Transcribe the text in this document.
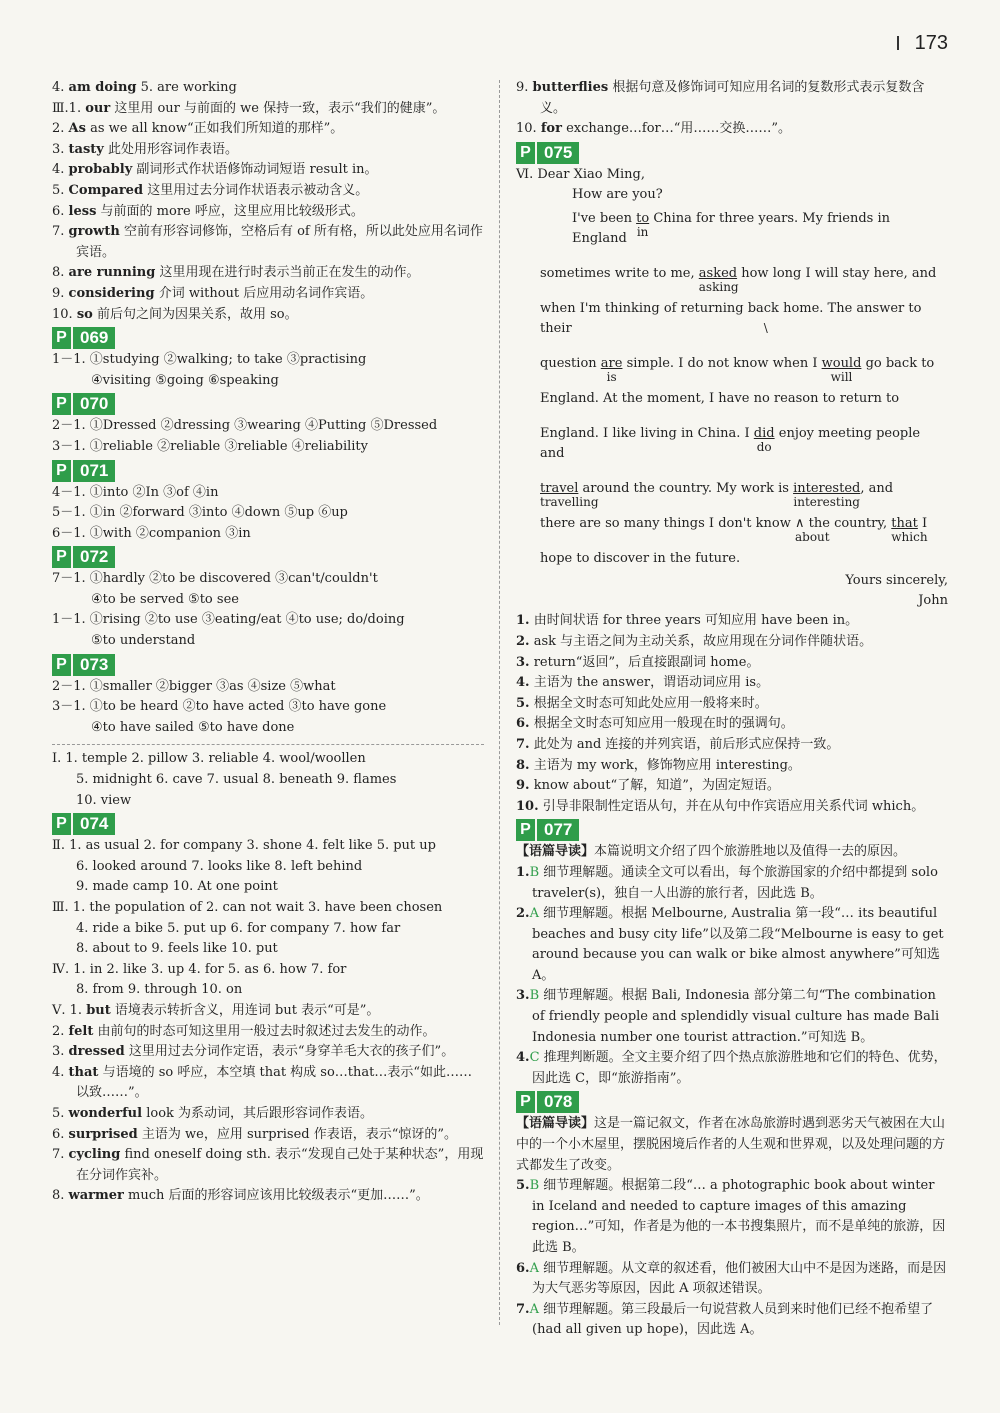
173
4. am doing 5. are working
Ⅲ.1. our 这里用 our 与前面的 we 保持一致，表示“我们的健康”。
2. As as we all know“正如我们所知道的那样”。
3. tasty 此处用形容词作表语。
4. probably 副词形式作状语修饰动词短语 result in。
5. Compared 这里用过去分词作状语表示被动含义。
6. less 与前面的 more 呼应，这里应用比较级形式。
7. growth 空前有形容词修饰，空格后有 of 所有格，所以此处应用名词作宾语。
8. are running 这里用现在进行时表示当前正在发生的动作。
9. considering 介词 without 后应用动名词作宾语。
10. so 前后句之间为因果关系，故用 so。
P 069
1－1. ①studying ②walking; to take ③practising
④visiting ⑤going ⑥speaking
P 070
2－1. ①Dressed ②dressing ③wearing ④Putting ⑤Dressed
3－1. ①reliable ②reliable ③reliable ④reliability
P 071
4－1. ①into ②In ③of ④in
5－1. ①in ②forward ③into ④down ⑤up ⑥up
6－1. ①with ②companion ③in
P 072
7－1. ①hardly ②to be discovered ③can't/couldn't
④to be served ⑤to see
1－1. ①rising ②to use ③eating/eat ④to use; do/doing
⑤to understand
P 073
2－1. ①smaller ②bigger ③as ④size ⑤what
3－1. ①to be heard ②to have acted ③to have gone
④to have sailed ⑤to have done
Ⅰ. 1. temple 2. pillow 3. reliable 4. wool/woollen
5. midnight 6. cave 7. usual 8. beneath 9. flames
10. view
P 074
Ⅱ. 1. as usual 2. for company 3. shone 4. felt like 5. put up
6. looked around 7. looks like 8. left behind
9. made camp 10. At one point
Ⅲ. 1. the population of 2. can not wait 3. have been chosen
4. ride a bike 5. put up 6. for company 7. how far
8. about to 9. feels like 10. put
Ⅳ. 1. in 2. like 3. up 4. for 5. as 6. how 7. for
8. from 9. through 10. on
Ⅴ. 1. but 语境表示转折含义，用连词 but 表示“可是”。
2. felt 由前句的时态可知这里用一般过去时叙述过去发生的动作。
3. dressed 这里用过去分词作定语，表示“身穿羊毛大衣的孩子们”。
4. that 与语境的 so 呼应，本空填 that 构成 so…that…表示“如此……以致……”。
5. wonderful look 为系动词，其后跟形容词作表语。
6. surprised 主语为 we，应用 surprised 作表语，表示“惊讶的”。
7. cycling find oneself doing sth. 表示“发现自己处于某种状态”，用现在分词作宾补。
8. warmer much 后面的形容词应该用比较级表示“更加……”。
9. butterflies 根据句意及修饰词可知应用名词的复数形式表示复数含义。
10. for exchange…for…“用……交换……”。
P 075
Ⅵ. Dear Xiao Ming,
How are you?
I've been to
in
China for three years. My friends in England
sometimes write to me, asked
asking
how long I will stay here, and
when I'm thinking of returning ba
\
ck home. The answer to their
question are
is
simple. I do not know when I would
will
go back to
England. At the moment, I have no reason to return to
England. I like living in China. I did
do
enjoy meeting people and
travel
travelling
around the country. My work is interested
interesting
, and
there are so many things I don't know ∧
about
the country, that
which
I
hope to discover in the future.
Yours sincerely,
John
1. 由时间状语 for three years 可知应用 have been in。
2. ask 与主语之间为主动关系，故应用现在分词作伴随状语。
3. return“返回”，后直接跟副词 home。
4. 主语为 the answer，谓语动词应用 is。
5. 根据全文时态可知此处应用一般将来时。
6. 根据全文时态可知应用一般现在时的强调句。
7. 此处为 and 连接的并列宾语，前后形式应保持一致。
8. 主语为 my work，修饰物应用 interesting。
9. know about“了解，知道”，为固定短语。
10. 引导非限制性定语从句，并在从句中作宾语应用关系代词 which。
P 077
【语篇导读】本篇说明文介绍了四个旅游胜地以及值得一去的原因。
1.B 细节理解题。通读全文可以看出，每个旅游国家的介绍中都提到 solo traveler(s)，独自一人出游的旅行者，因此选 B。
2.A 细节理解题。根据 Melbourne, Australia 第一段“… its beautiful beaches and busy city life”以及第二段“Melbourne is easy to get around because you can walk or bike almost anywhere”可知选 A。
3.B 细节理解题。根据 Bali, Indonesia 部分第二句“The combination of friendly people and splendidly visual culture has made Bali Indonesia number one tourist attraction.”可知选 B。
4.C 推理判断题。全文主要介绍了四个热点旅游胜地和它们的特色、优势，因此选 C，即“旅游指南”。
P 078
【语篇导读】这是一篇记叙文，作者在冰岛旅游时遇到恶劣天气被困在大山中的一个小木屋里，摆脱困境后作者的人生观和世界观，以及处理问题的方式都发生了改变。
5.B 细节理解题。根据第二段“… a photographic book about winter in Iceland and needed to capture images of this amazing region…”可知，作者是为他的一本书搜集照片，而不是单纯的旅游，因此选 B。
6.A 细节理解题。从文章的叙述看，他们被困大山中不是因为迷路，而是因为大气恶劣等原因，因此 A 项叙述错误。
7.A 细节理解题。第三段最后一句说营救人员到来时他们已经不抱希望了(had all given up hope)，因此选 A。
